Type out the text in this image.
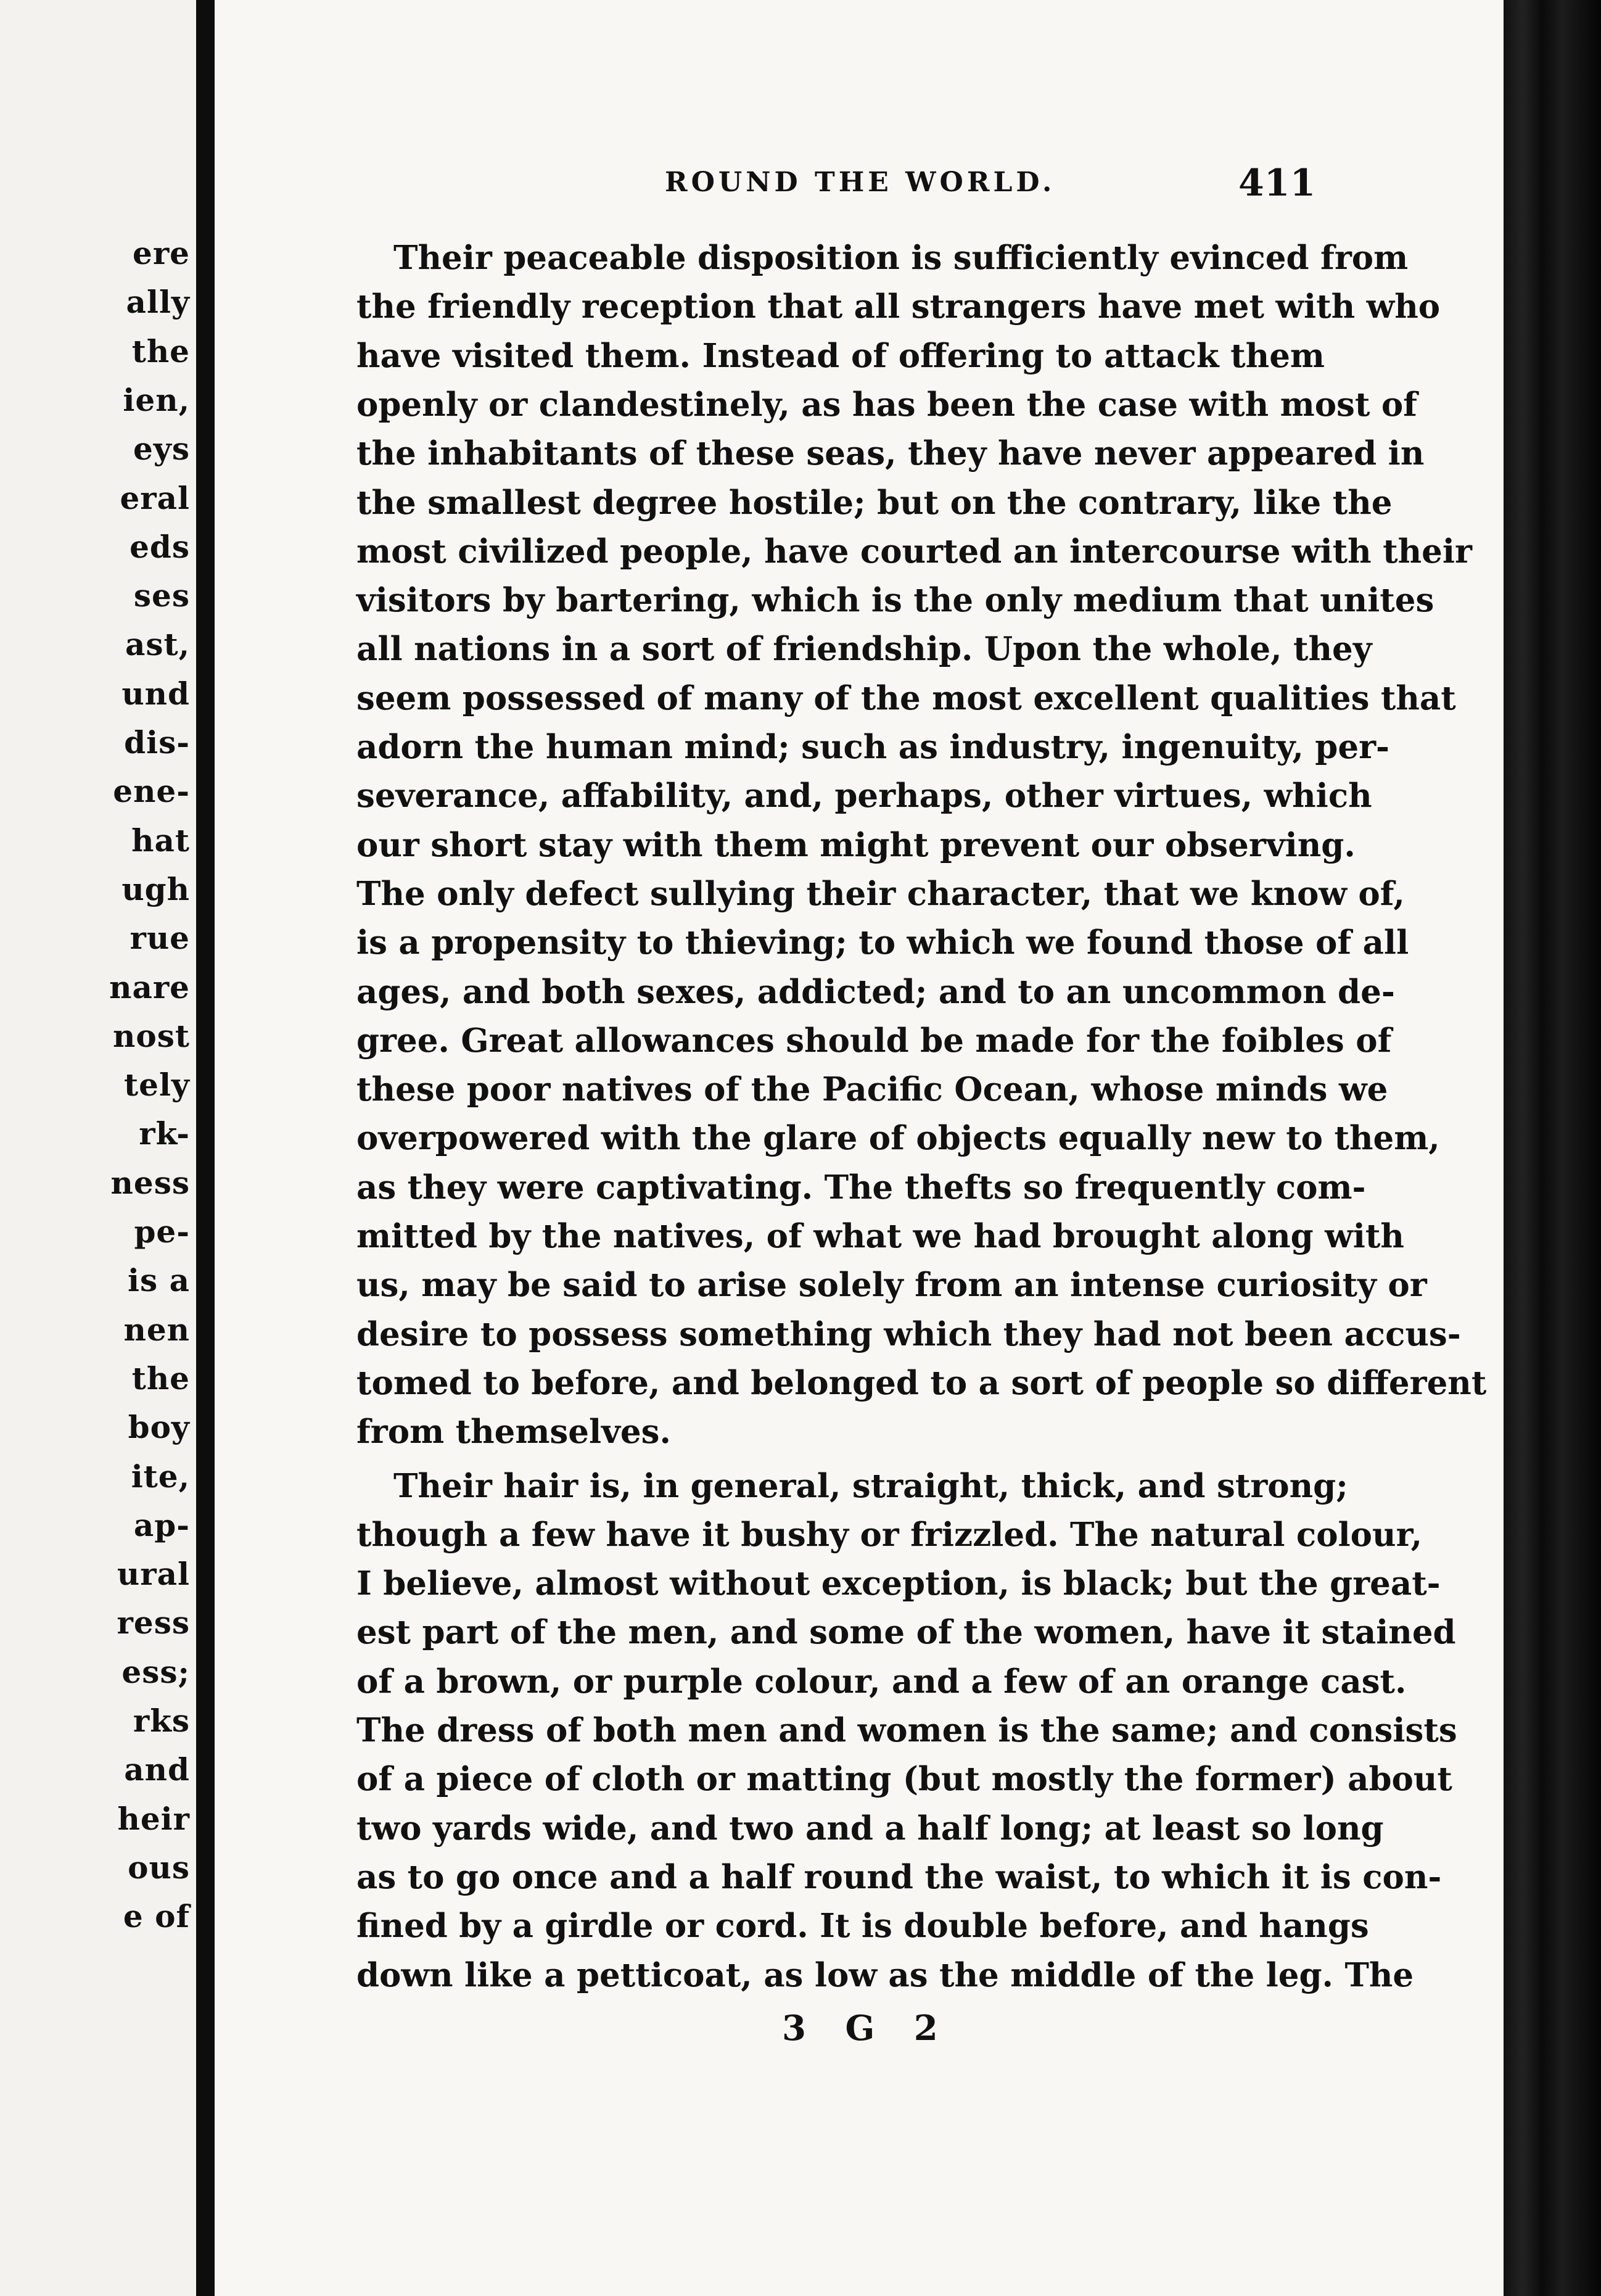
ere
ally
the
ien,
eys
eral
eds
ses
ast,
und
dis-
ene-
hat
ugh
rue
nare
nost
tely
rk-
ness
pe-
is a
nen
the
boy
ite,
ap-
ural
ress
ess;
rks
and
heir
ous
e of
ROUND THE WORLD.	411
Their peaceable disposition is sufficiently evinced from
the friendly reception that all strangers have met with who
have visited them. Instead of offering to attack them
openly or clandestinely, as has been the case with most of
the inhabitants of these seas, they have never appeared in
the smallest degree hostile; but on the contrary, like the
most civilized people, have courted an intercourse with their
visitors by bartering, which is the only medium that unites
all nations in a sort of friendship. Upon the whole, they
seem possessed of many of the most excellent qualities that
adorn the human mind; such as industry, ingenuity, per-
severance, affability, and, perhaps, other virtues, which
our short stay with them might prevent our observing.
The only defect sullying their character, that we know of,
is a propensity to thieving; to which we found those of all
ages, and both sexes, addicted; and to an uncommon de-
gree. Great allowances should be made for the foibles of
these poor natives of the Pacific Ocean, whose minds we
overpowered with the glare of objects equally new to them,
as they were captivating. The thefts so frequently com-
mitted by the natives, of what we had brought along with
us, may be said to arise solely from an intense curiosity or
desire to possess something which they had not been accus-
tomed to before, and belonged to a sort of people so different
from themselves.
Their hair is, in general, straight, thick, and strong;
though a few have it bushy or frizzled. The natural colour,
I believe, almost without exception, is black; but the great-
est part of the men, and some of the women, have it stained
of a brown, or purple colour, and a few of an orange cast.
The dress of both men and women is the same; and consists
of a piece of cloth or matting (but mostly the former) about
two yards wide, and two and a half long; at least so long
as to go once and a half round the waist, to which it is con-
fined by a girdle or cord. It is double before, and hangs
down like a petticoat, as low as the middle of the leg. The
3 G 2
